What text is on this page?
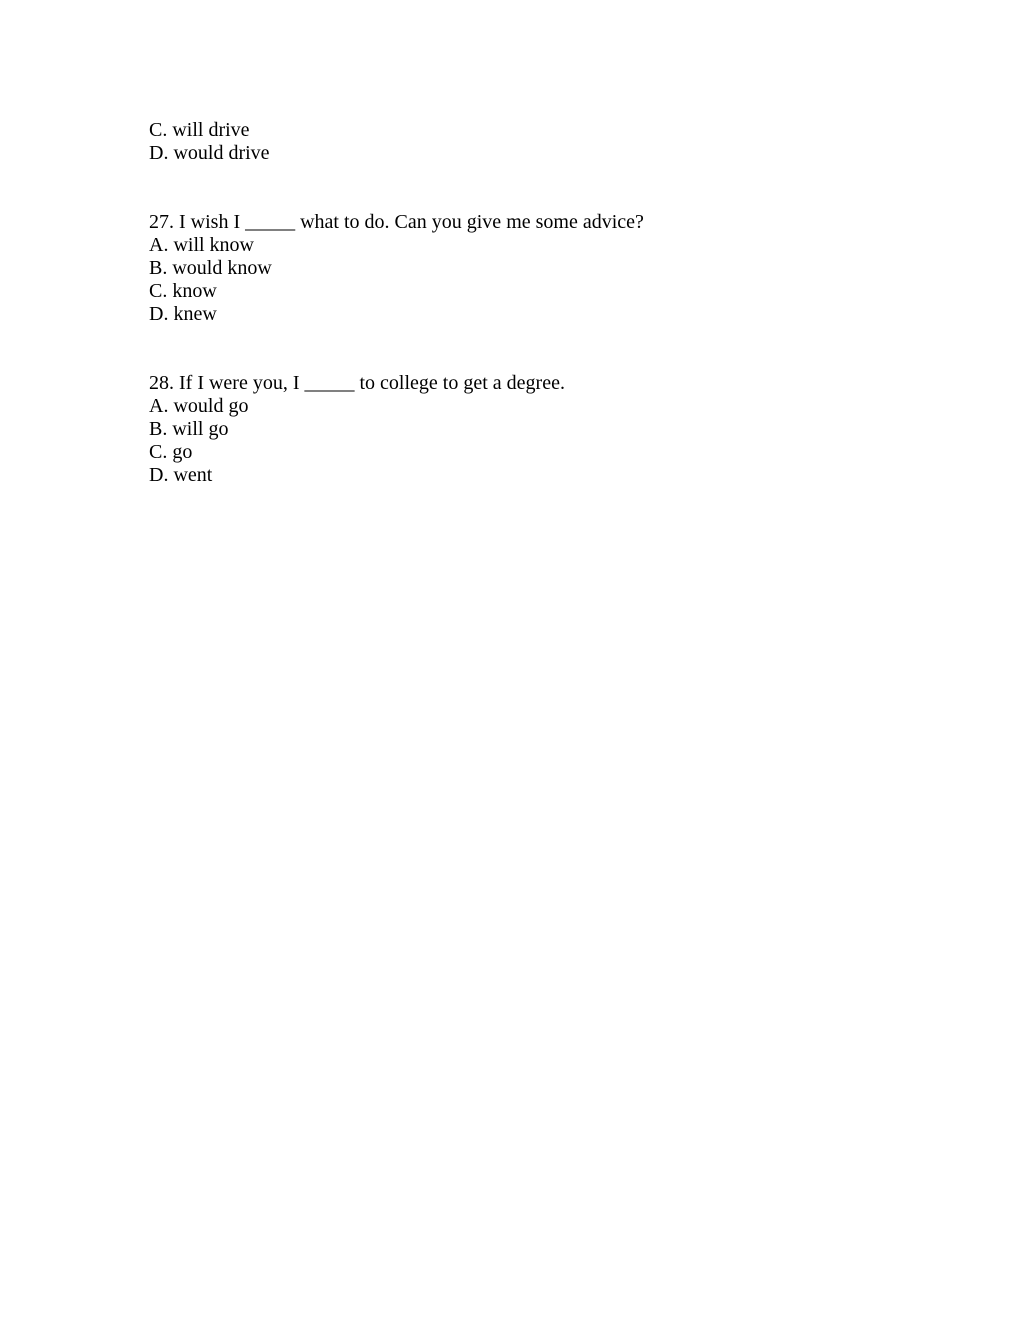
C. will drive

D. would drive

27. I wish I _____ what to do. Can you give me some advice?

A. will know

B. would know

C. know

D. knew

28. If I were you, I _____ to college to get a degree.

A. would go

B. will go

C. go

D. went
